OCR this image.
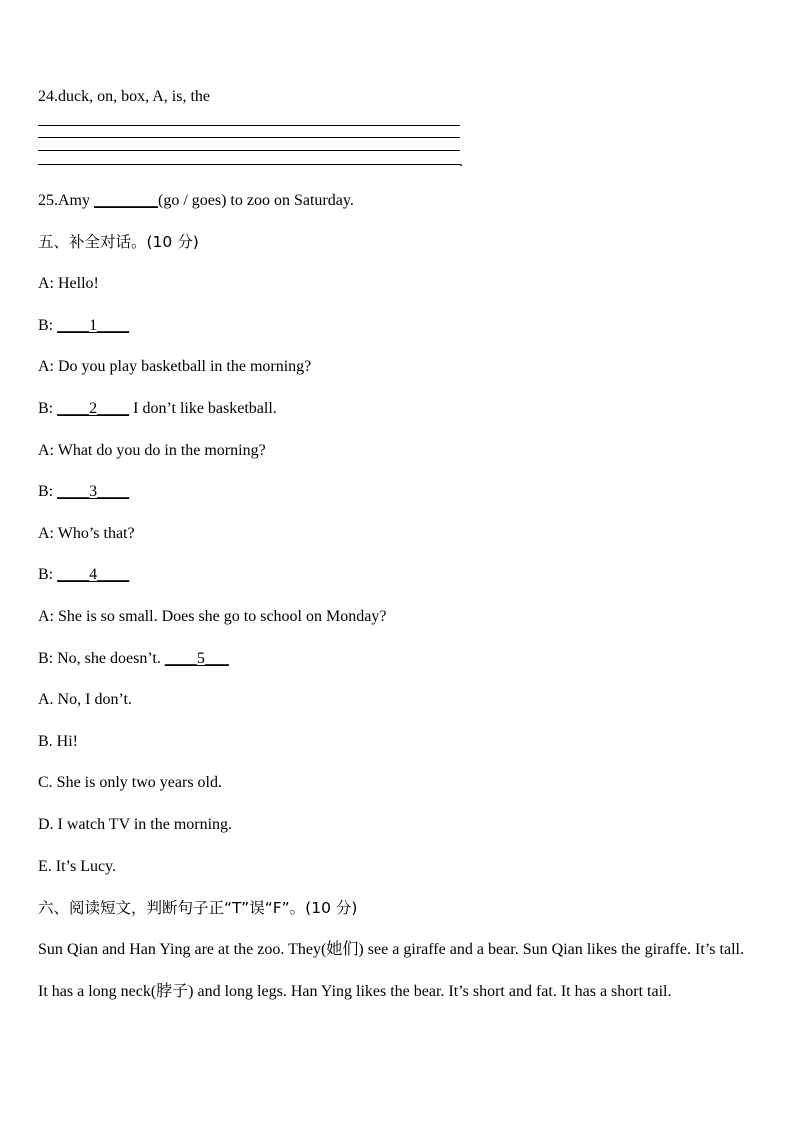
24.duck, on, box, A, is, the
.
25.Amy ________(go / goes) to zoo on Saturday.
五、补全对话。(10 分)
A: Hello!
B: ____1____
A: Do you play basketball in the morning?
B: ____2____ I don’t like basketball.
A: What do you do in the morning?
B: ____3____
A: Who’s that?
B: ____4____
A: She is so small. Does she go to school on Monday?
B: No, she doesn’t. ____5___
A. No, I don’t.
B. Hi!
C. She is only two years old.
D. I watch TV in the morning.
E. It’s Lucy.
六、阅读短文，判断句子正“T”误“F”。(10 分)
Sun Qian and Han Ying are at the zoo. They(她们) see a giraffe and a bear. Sun Qian likes the giraffe. It’s tall. It has a long neck(脖子) and long legs. Han Ying likes the bear. It’s short and fat. It has a short tail.
